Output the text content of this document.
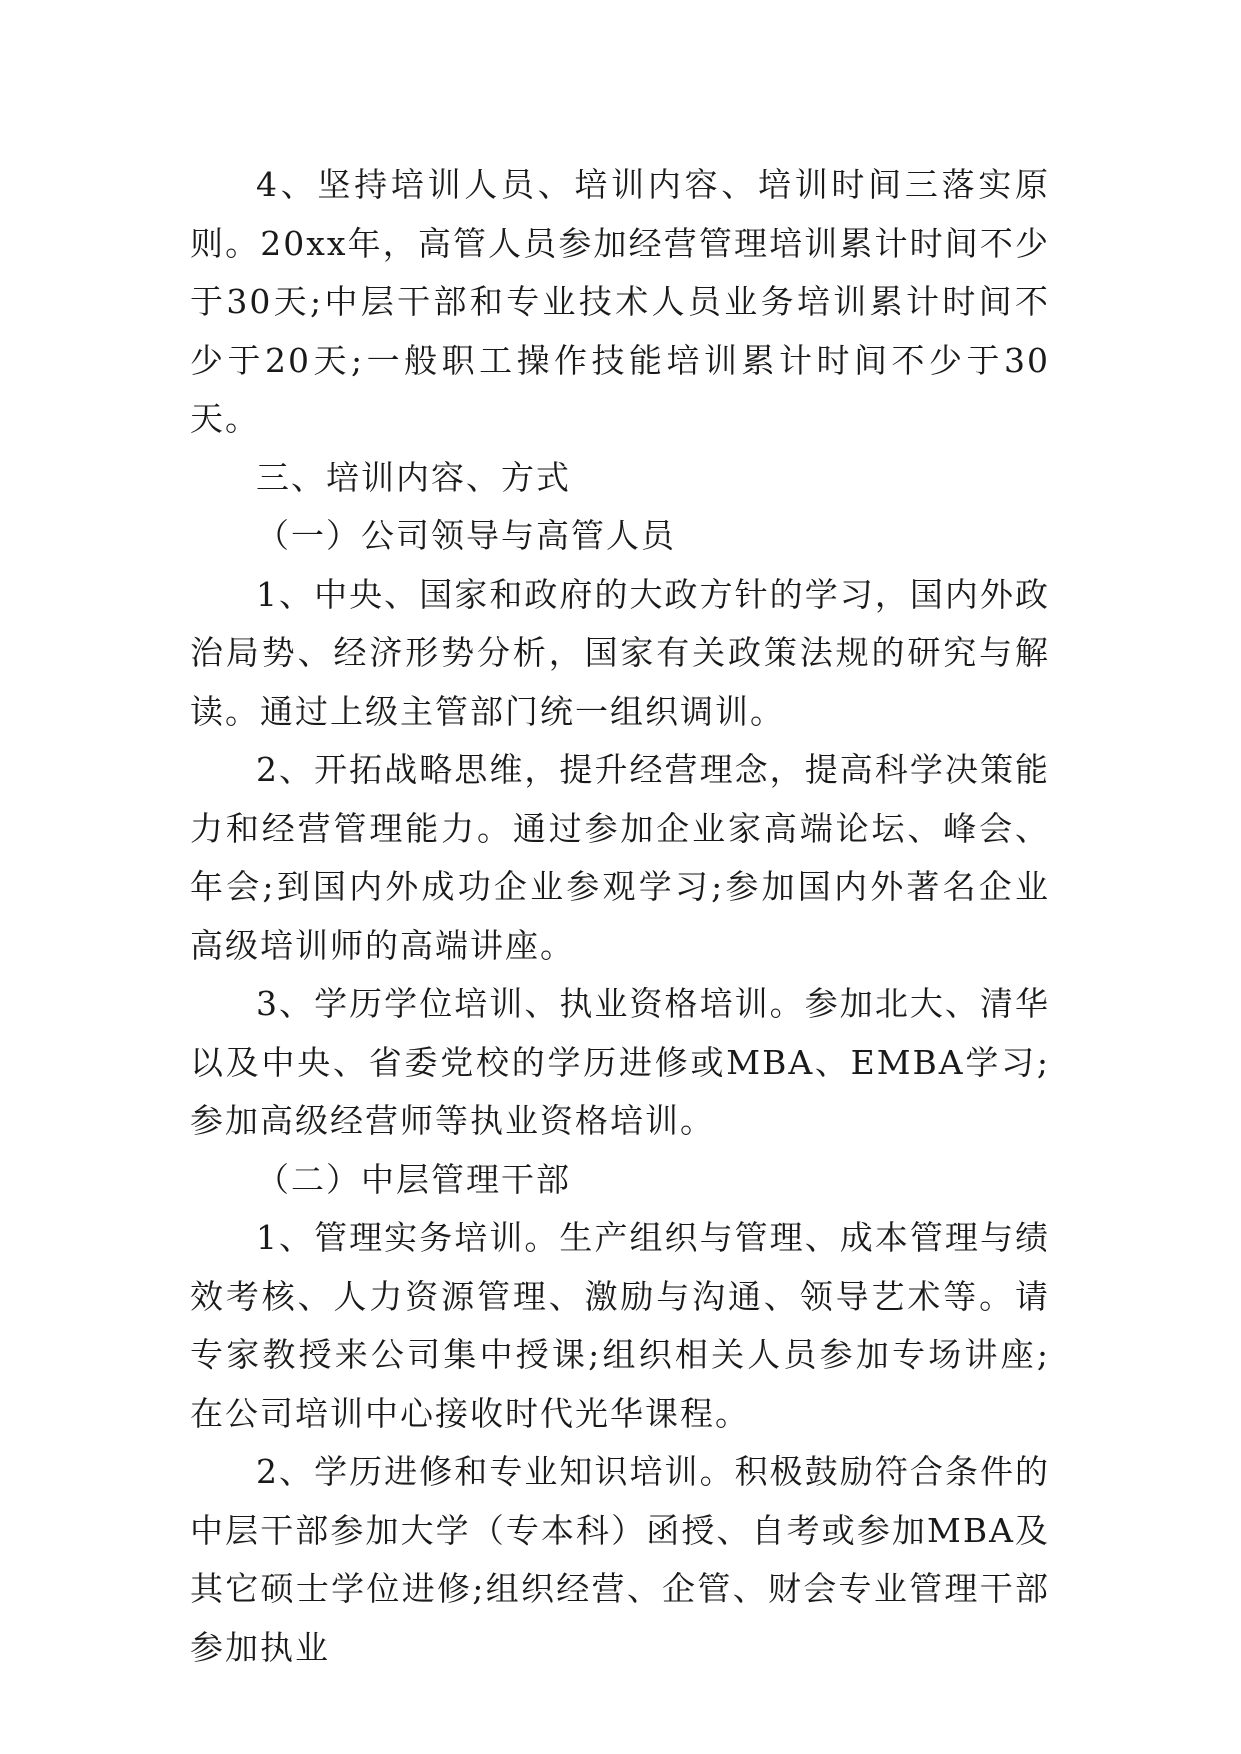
4、坚持培训人员、培训内容、培训时间三落实原则。20xx年，高管人员参加经营管理培训累计时间不少于30天;中层干部和专业技术人员业务培训累计时间不少于20天;一般职工操作技能培训累计时间不少于30天。

三、培训内容、方式

（一）公司领导与高管人员

1、中央、国家和政府的大政方针的学习，国内外政治局势、经济形势分析，国家有关政策法规的研究与解读。通过上级主管部门统一组织调训。

2、开拓战略思维，提升经营理念，提高科学决策能力和经营管理能力。通过参加企业家高端论坛、峰会、年会;到国内外成功企业参观学习;参加国内外著名企业高级培训师的高端讲座。

3、学历学位培训、执业资格培训。参加北大、清华以及中央、省委党校的学历进修或MBA、EMBA学习;参加高级经营师等执业资格培训。

（二）中层管理干部

1、管理实务培训。生产组织与管理、成本管理与绩效考核、人力资源管理、激励与沟通、领导艺术等。请专家教授来公司集中授课;组织相关人员参加专场讲座;在公司培训中心接收时代光华课程。

2、学历进修和专业知识培训。积极鼓励符合条件的中层干部参加大学（专本科）函授、自考或参加MBA及其它硕士学位进修;组织经营、企管、财会专业管理干部参加执业
